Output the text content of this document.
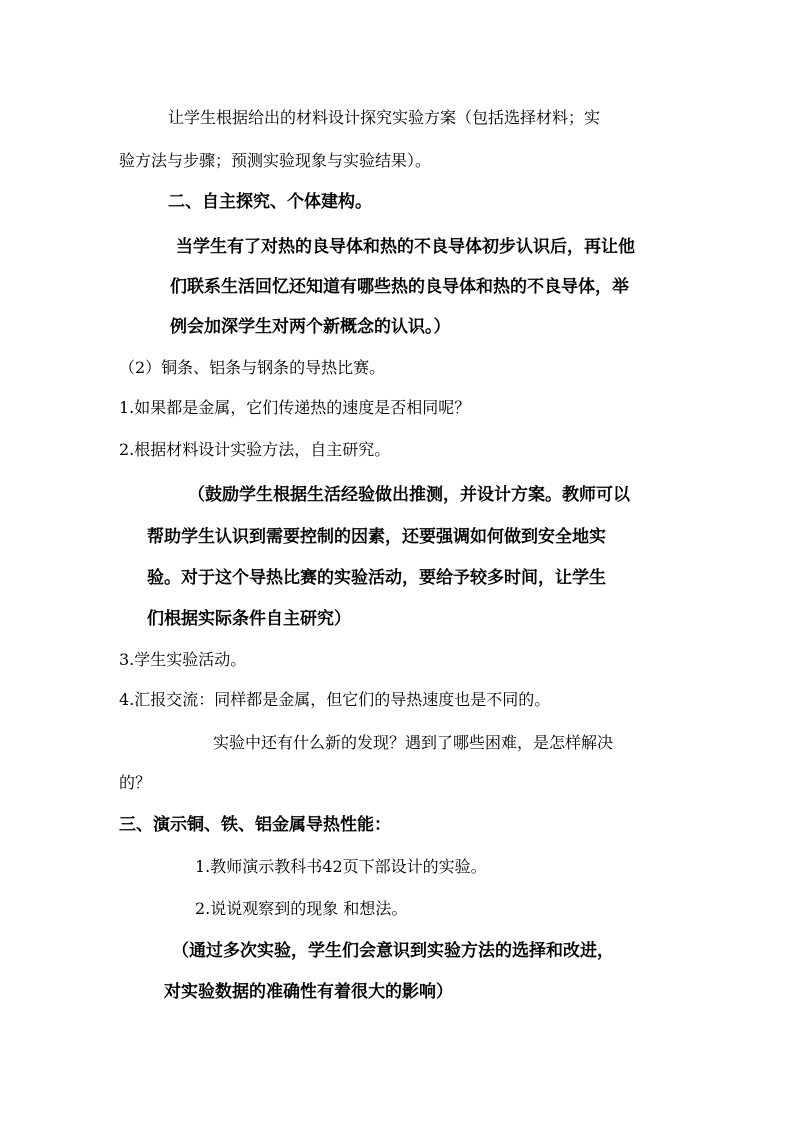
让学生根据给出的材料设计探究实验方案（包括选择材料；实
验方法与步骤；预测实验现象与实验结果）。
二、自主探究、个体建构。
当学生有了对热的良导体和热的不良导体初步认识后，再让他
们联系生活回忆还知道有哪些热的良导体和热的不良导体，举
例会加深学生对两个新概念的认识。）
（2）铜条、铝条与钢条的导热比赛。
1.如果都是金属，它们传递热的速度是否相同呢？
2.根据材料设计实验方法，自主研究。
（鼓励学生根据生活经验做出推测，并设计方案。教师可以
帮助学生认识到需要控制的因素，还要强调如何做到安全地实
验。对于这个导热比赛的实验活动，要给予较多时间，让学生
们根据实际条件自主研究）
3.学生实验活动。
4.汇报交流：同样都是金属，但它们的导热速度也是不同的。
实验中还有什么新的发现？遇到了哪些困难，是怎样解决
的？
三、演示铜、铁、铝金属导热性能：
1.教师演示教科书42页下部设计的实验。
2.说说观察到的现象 和想法。
（通过多次实验，学生们会意识到实验方法的选择和改进，
对实验数据的准确性有着很大的影响）
